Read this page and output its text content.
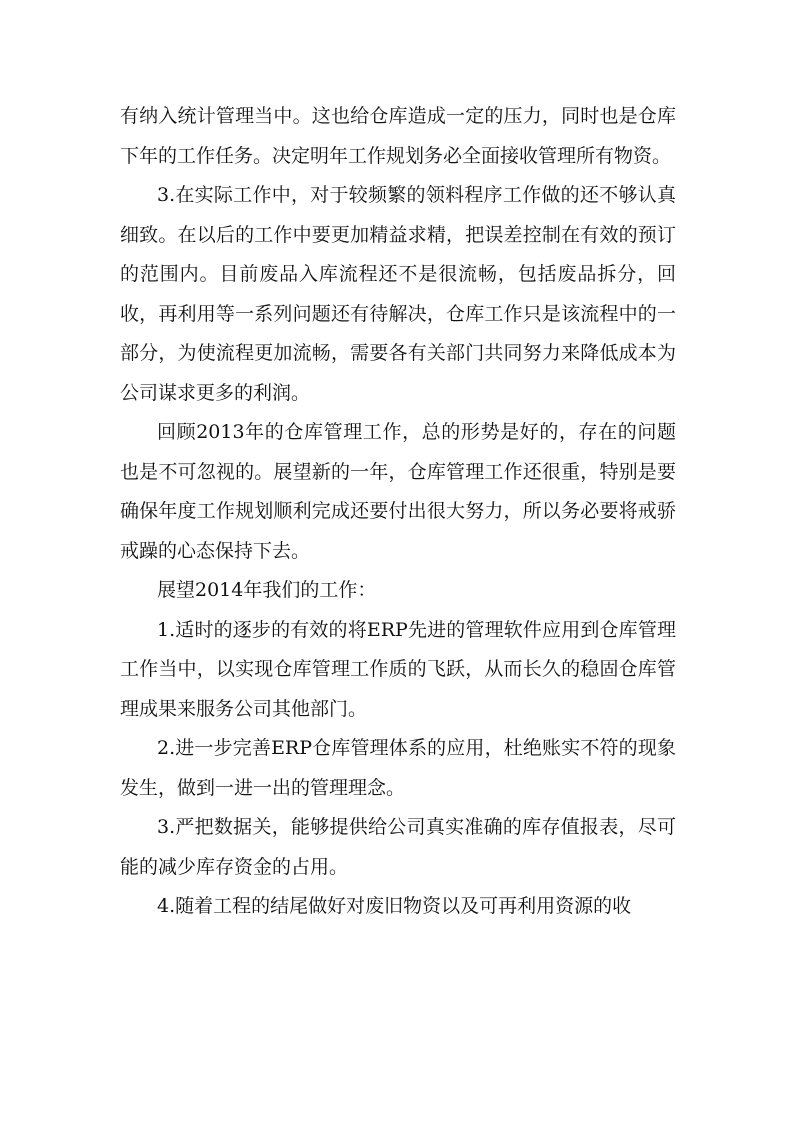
有纳入统计管理当中。这也给仓库造成一定的压力，同时也是仓库下年的工作任务。决定明年工作规划务必全面接收管理所有物资。

3.在实际工作中，对于较频繁的领料程序工作做的还不够认真细致。在以后的工作中要更加精益求精，把误差控制在有效的预订的范围内。目前废品入库流程还不是很流畅，包括废品拆分，回收，再利用等一系列问题还有待解决，仓库工作只是该流程中的一部分，为使流程更加流畅，需要各有关部门共同努力来降低成本为公司谋求更多的利润。

回顾2013年的仓库管理工作，总的形势是好的，存在的问题也是不可忽视的。展望新的一年，仓库管理工作还很重，特别是要确保年度工作规划顺利完成还要付出很大努力，所以务必要将戒骄戒躁的心态保持下去。

展望2014年我们的工作：

1.适时的逐步的有效的将ERP先进的管理软件应用到仓库管理工作当中，以实现仓库管理工作质的飞跃，从而长久的稳固仓库管理成果来服务公司其他部门。

2.进一步完善ERP仓库管理体系的应用，杜绝账实不符的现象发生，做到一进一出的管理理念。

3.严把数据关，能够提供给公司真实准确的库存值报表，尽可能的减少库存资金的占用。

4.随着工程的结尾做好对废旧物资以及可再利用资源的收
